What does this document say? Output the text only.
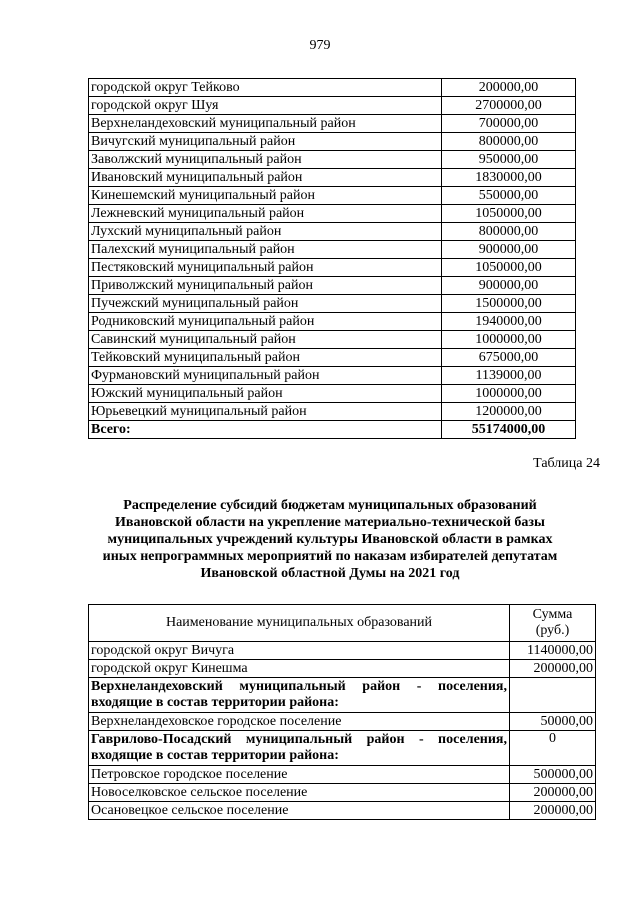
979
городской округ Тейково	200000,00
городской округ Шуя	2700000,00
Верхнеландеховский муниципальный район	700000,00
Вичугский муниципальный район	800000,00
Заволжский муниципальный район	950000,00
Ивановский муниципальный район	1830000,00
Кинешемский муниципальный район	550000,00
Лежневский муниципальный район	1050000,00
Лухский муниципальный район	800000,00
Палехский муниципальный район	900000,00
Пестяковский муниципальный район	1050000,00
Приволжский муниципальный район	900000,00
Пучежский муниципальный район	1500000,00
Родниковский муниципальный район	1940000,00
Савинский муниципальный район	1000000,00
Тейковский муниципальный район	675000,00
Фурмановский муниципальный район	1139000,00
Южский муниципальный район	1000000,00
Юрьевецкий муниципальный район	1200000,00
Всего:	55174000,00
Таблица 24
Распределение субсидий бюджетам муниципальных образований
Ивановской области на укрепление материально-технической базы
муниципальных учреждений культуры Ивановской области в рамках
иных непрограммных мероприятий по наказам избирателей депутатам
Ивановской областной Думы на 2021 год
Наименование муниципальных образований	Сумма
(руб.)
городской округ Вичуга	1140000,00
городской округ Кинешма	200000,00
Верхнеландеховский муниципальный район - поселения, входящие в состав территории района:	
Верхнеландеховское городское поселение	50000,00
Гаврилово-Посадский муниципальный район - поселения, входящие в состав территории района:	0
Петровское городское поселение	500000,00
Новоселковское сельское поселение	200000,00
Осановецкое сельское поселение	200000,00
